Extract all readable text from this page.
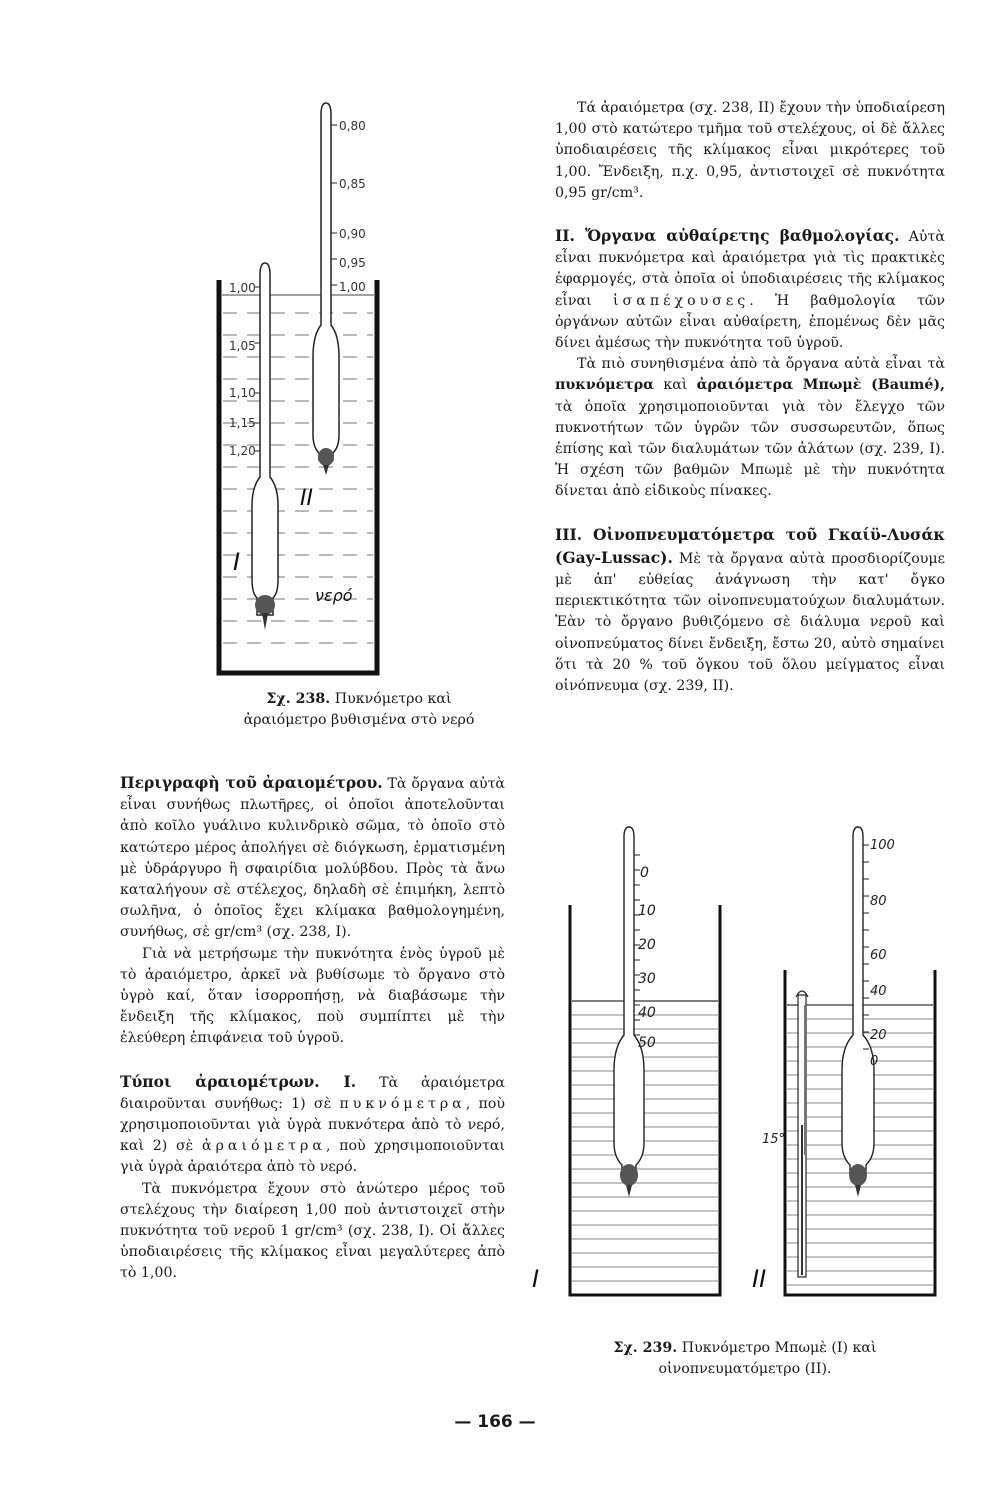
0,80
0,85
0,90
0,95
1,00
1,00
1,05
1,10
1,15
1,20
II
I
νερό
Σχ. 238. Πυκνόμετρο καὶ ἀραιόμετρο βυθισμένα στὸ νερό

Περιγραφὴ τοῦ ἀραιομέτρου. Τὰ ὄργανα αὐτὰ εἶναι συνήθως πλωτῆρες, οἱ ὁποῖοι ἀποτελοῦνται ἀπὸ κοῖλο γυάλινο κυλινδρικὸ σῶμα, τὸ ὁποῖο στὸ κατώτερο μέρος ἀπολήγει σὲ διόγκωση, ἑρματισμένη μὲ ὑδράργυρο ἢ σφαιρίδια μολύβδου. Πρὸς τὰ ἄνω καταλήγουν σὲ στέλεχος, δηλαδὴ σὲ ἐπιμήκη, λεπτὸ σωλῆνα, ὁ ὁποῖος ἔχει κλίμακα βαθμολογημένη, συνήθως, σὲ gr/cm³ (σχ. 238, Ι).

Γιὰ νὰ μετρήσωμε τὴν πυκνότητα ἑνὸς ὑγροῦ μὲ τὸ ἀραιόμετρο, ἀρκεῖ νὰ βυθίσωμε τὸ ὄργανο στὸ ὑγρὸ καί, ὅταν ἰσορροπήσῃ, νὰ διαβάσωμε τὴν ἔνδειξη τῆς κλίμακος, ποὺ συμπίπτει μὲ τὴν ἐλεύθερη ἐπιφάνεια τοῦ ὑγροῦ.

Τύποι ἀραιομέτρων. Ι. Τὰ ἀραιόμετρα διαιροῦνται συνήθως: 1) σὲ πυκνόμετρα, ποὺ χρησιμοποιοῦνται γιὰ ὑγρὰ πυκνότερα ἀπὸ τὸ νερό, καὶ 2) σὲ ἀραιόμετρα, ποὺ χρησιμοποιοῦνται γιὰ ὑγρὰ ἀραιότερα ἀπὸ τὸ νερό.

Τὰ πυκνόμετρα ἔχουν στὸ ἀνώτερο μέρος τοῦ στελέχους τὴν διαίρεση 1,00 ποὺ ἀντιστοιχεῖ στὴν πυκνότητα τοῦ νεροῦ 1 gr/cm³ (σχ. 238, Ι). Οἱ ἄλλες ὑποδιαιρέσεις τῆς κλίμακος εἶναι μεγαλύτερες ἀπὸ τὸ 1,00.

Τά ἀραιόμετρα (σχ. 238, ΙΙ) ἔχουν τὴν ὑποδιαίρεση 1,00 στὸ κατώτερο τμῆμα τοῦ στελέχους, οἱ δὲ ἄλλες ὑποδιαιρέσεις τῆς κλίμακος εἶναι μικρότερες τοῦ 1,00. Ἔνδειξη, π.χ. 0,95, ἀντιστοιχεῖ σὲ πυκνότητα 0,95 gr/cm³.

ΙΙ. Ὄργανα αὐθαίρετης βαθμολογίας. Αὐτὰ εἶναι πυκνόμετρα καὶ ἀραιόμετρα γιὰ τὶς πρακτικὲς ἐφαρμογές, στὰ ὁποῖα οἱ ὑποδιαιρέσεις τῆς κλίμακος εἶναι ἰσαπέχουσες. Ἡ βαθμολογία τῶν ὀργάνων αὐτῶν εἶναι αὐθαίρετη, ἑπομένως δὲν μᾶς δίνει ἀμέσως τὴν πυκνότητα τοῦ ὑγροῦ.

Τὰ πιὸ συνηθισμένα ἀπὸ τὰ ὄργανα αὐτὰ εἶναι τὰ πυκνόμετρα καὶ ἀραιόμετρα Μπωμὲ (Baumé), τὰ ὁποῖα χρησιμοποιοῦνται γιὰ τὸν ἔλεγχο τῶν πυκνοτήτων τῶν ὑγρῶν τῶν συσσωρευτῶν, ὅπως ἐπίσης καὶ τῶν διαλυμάτων τῶν ἁλάτων (σχ. 239, Ι). Ἡ σχέση τῶν βαθμῶν Μπωμὲ μὲ τὴν πυκνότητα δίνεται ἀπὸ εἰδικοὺς πίνακες.

ΙΙΙ. Οἰνοπνευματόμετρα τοῦ Γκαίϋ-Λυσάκ (Gay-Lussac). Μὲ τὰ ὄργανα αὐτὰ προσδιορίζουμε μὲ ἀπ' εὐθείας ἀνάγνωση τὴν κατ' ὄγκο περιεκτικότητα τῶν οἰνοπνευματούχων διαλυμάτων. Ἐὰν τὸ ὄργανο βυθιζόμενο σὲ διάλυμα νεροῦ καὶ οἰνοπνεύματος δίνει ἔνδειξη, ἔστω 20, αὐτὸ σημαίνει ὅτι τὰ 20 % τοῦ ὄγκου τοῦ ὅλου μείγματος εἶναι οἰνόπνευμα (σχ. 239, ΙΙ).

0
10
20
30
40
50
I
100
80
60
40
20
0
15°
II
Σχ. 239. Πυκνόμετρο Μπωμὲ (Ι) καὶ οἰνοπνευματόμετρο (ΙΙ).
— 166 —
